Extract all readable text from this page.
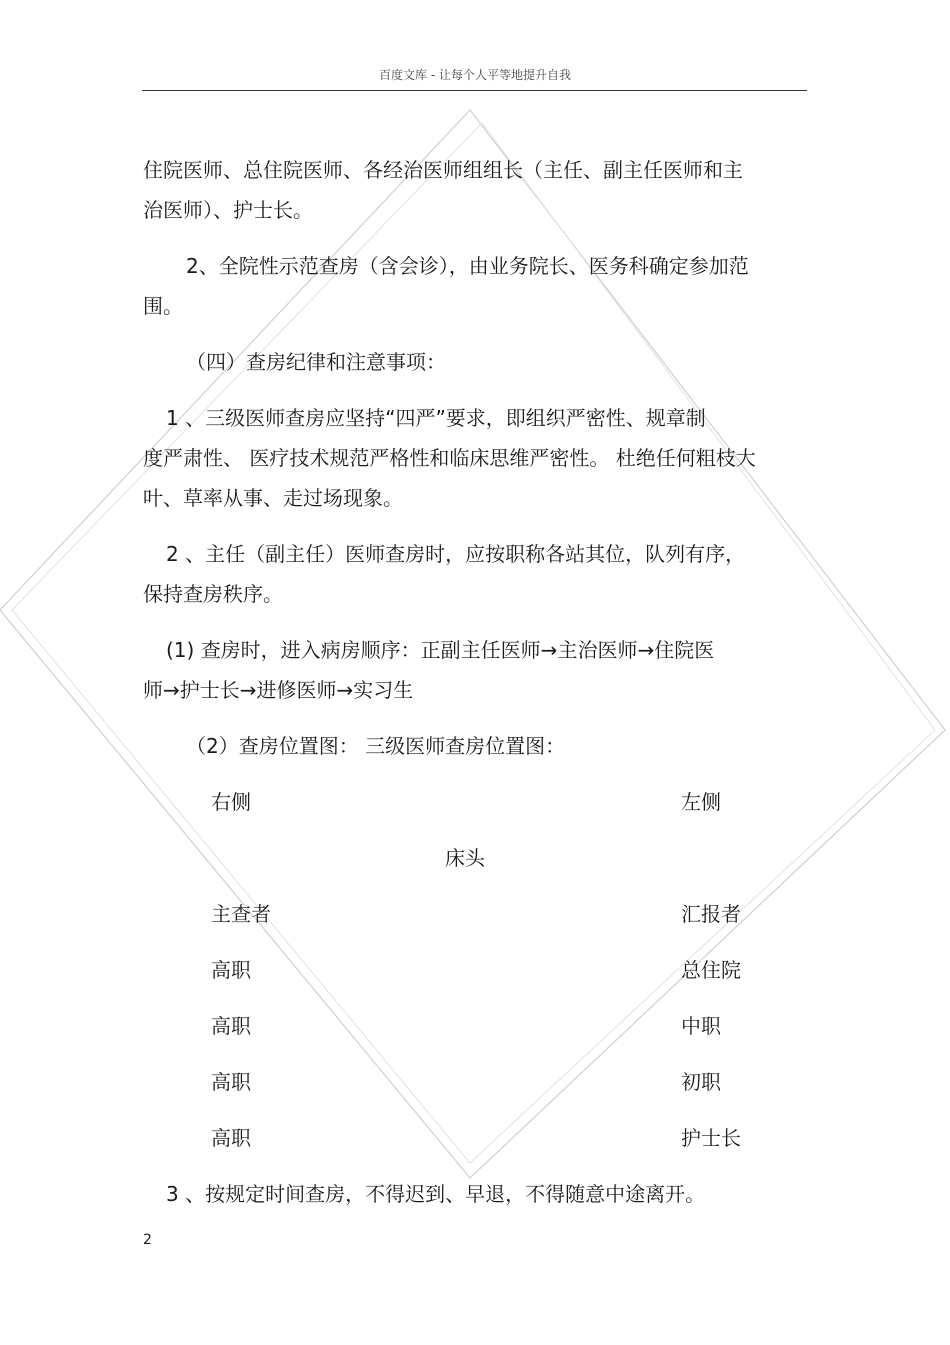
百度文库 - 让每个人平等地提升自我
住院医师、总住院医师、各经治医师组组长（主任、副主任医师和主
治医师）、护士长。
2、全院性示范查房（含会诊），由业务院长、医务科确定参加范
围。
（四）查房纪律和注意事项：
1 、三级医师查房应坚持“四严”要求，即组织严密性、规章制
度严肃性、 医疗技术规范严格性和临床思维严密性。 杜绝任何粗枝大
叶、草率从事、走过场现象。
2 、主任（副主任）医师查房时，应按职称各站其位，队列有序，
保持查房秩序。
(1) 查房时，进入病房顺序：正副主任医师→主治医师→住院医
师→护士长→进修医师→实习生
（2）查房位置图： 三级医师查房位置图：
右侧	左侧
床头
主查者	汇报者
高职	总住院
高职	中职
高职	初职
高职	护士长
3 、按规定时间查房，不得迟到、早退，不得随意中途离开。
2
